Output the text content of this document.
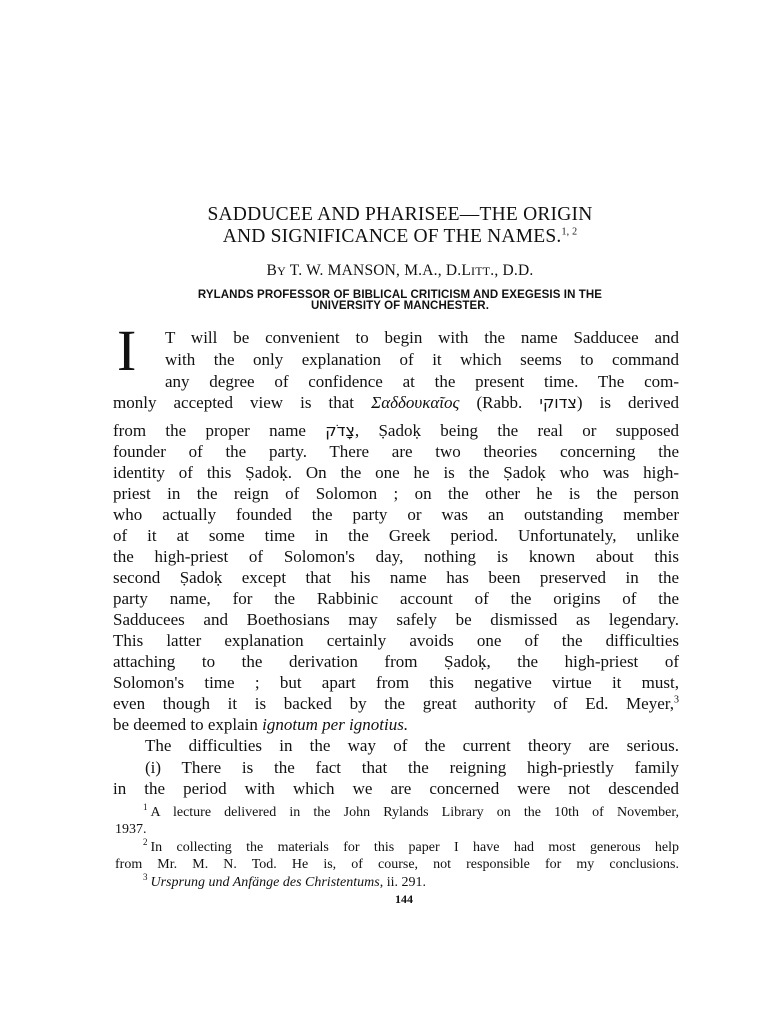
SADDUCEE AND PHARISEE—THE ORIGIN
AND SIGNIFICANCE OF THE NAMES.$^{1, 2}$
BY T. W. MANSON, M.A., D.LITT., D.D.
RYLANDS PROFESSOR OF BIBLICAL CRITICISM AND EXEGESIS IN THE
UNIVERSITY OF MANCHESTER.
I T will be convenient to begin with the name Sadducee and
with the only explanation of it which seems to command
any degree of confidence at the present time. The com-
monly accepted view is that Σαδδουκαῖος (Rabb. צדוקי) is derived
from the proper name צָדֹק, Ṣadoḳ being the real or supposed
founder of the party. There are two theories concerning the
identity of this Ṣadoḳ. On the one he is the Ṣadoḳ who was high-
priest in the reign of Solomon ; on the other he is the person
who actually founded the party or was an outstanding member
of it at some time in the Greek period. Unfortunately, unlike
the high-priest of Solomon's day, nothing is known about this
second Ṣadoḳ except that his name has been preserved in the
party name, for the Rabbinic account of the origins of the
Sadducees and Boethosians may safely be dismissed as legendary.
This latter explanation certainly avoids one of the difficulties
attaching to the derivation from Ṣadoḳ, the high-priest of
Solomon's time ; but apart from this negative virtue it must,
even though it is backed by the great authority of Ed. Meyer,$^3$
be deemed to explain ignotum per ignotius.
The difficulties in the way of the current theory are serious.
(i) There is the fact that the reigning high-priestly family
in the period with which we are concerned were not descended
$^1$ A lecture delivered in the John Rylands Library on the 10th of November,
1937.
$^2$ In collecting the materials for this paper I have had most generous help
from Mr. M. N. Tod. He is, of course, not responsible for my conclusions.
$^3$ Ursprung und Anfänge des Christentums, ii. 291.
144
